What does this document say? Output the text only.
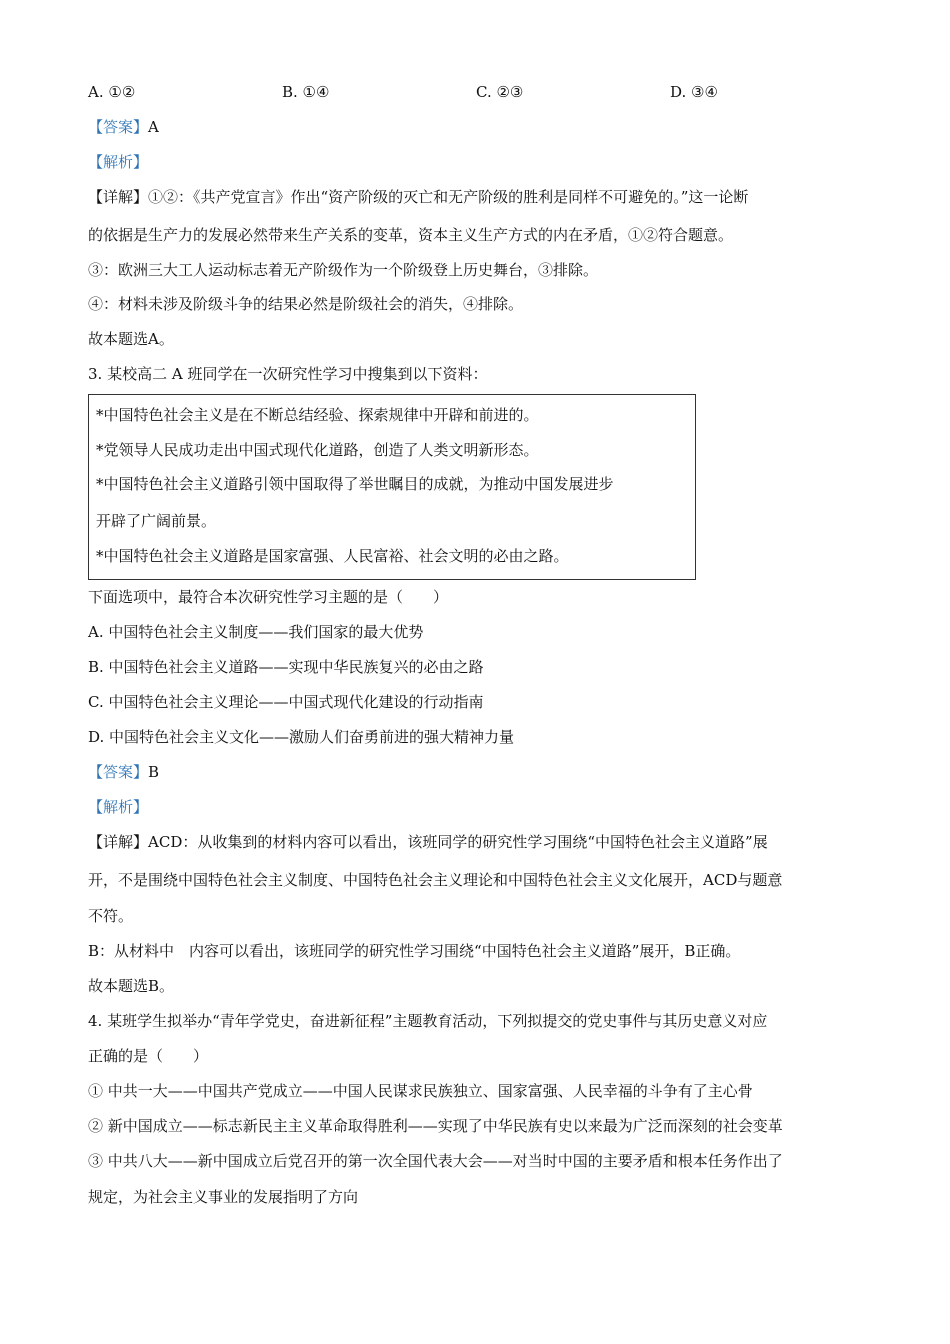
A. ①②	B. ①④	C. ②③	D. ③④
【答案】A
【解析】
【详解】①②：《共产党宣言》作出“资产阶级的灭亡和无产阶级的胜利是同样不可避免的。”这一论断
的依据是生产力的发展必然带来生产关系的变革，资本主义生产方式的内在矛盾，①②符合题意。
③：欧洲三大工人运动标志着无产阶级作为一个阶级登上历史舞台，③排除。
④：材料未涉及阶级斗争的结果必然是阶级社会的消失，④排除。
故本题选A。
3. 某校高二 A 班同学在一次研究性学习中搜集到以下资料：
*中国特色社会主义是在不断总结经验、探索规律中开辟和前进的。
*党领导人民成功走出中国式现代化道路，创造了人类文明新形态。
*中国特色社会主义道路引领中国取得了举世瞩目的成就，为推动中国发展进步
开辟了广阔前景。
*中国特色社会主义道路是国家富强、人民富裕、社会文明的必由之路。
下面选项中，最符合本次研究性学习主题的是（　　）
A. 中国特色社会主义制度——我们国家的最大优势
B. 中国特色社会主义道路——实现中华民族复兴的必由之路
C. 中国特色社会主义理论——中国式现代化建设的行动指南
D. 中国特色社会主义文化——激励人们奋勇前进的强大精神力量
【答案】B
【解析】
【详解】ACD：从收集到的材料内容可以看出，该班同学的研究性学习围绕“中国特色社会主义道路”展
开，不是围绕中国特色社会主义制度、中国特色社会主义理论和中国特色社会主义文化展开，ACD与题意
不符。
B：从材料中　内容可以看出，该班同学的研究性学习围绕“中国特色社会主义道路”展开，B正确。
故本题选B。
4. 某班学生拟举办“青年学党史，奋进新征程”主题教育活动，下列拟提交的党史事件与其历史意义对应
正确的是（　　）
① 中共一大——中国共产党成立——中国人民谋求民族独立、国家富强、人民幸福的斗争有了主心骨
② 新中国成立——标志新民主主义革命取得胜利——实现了中华民族有史以来最为广泛而深刻的社会变革
③ 中共八大——新中国成立后党召开的第一次全国代表大会——对当时中国的主要矛盾和根本任务作出了
规定，为社会主义事业的发展指明了方向
